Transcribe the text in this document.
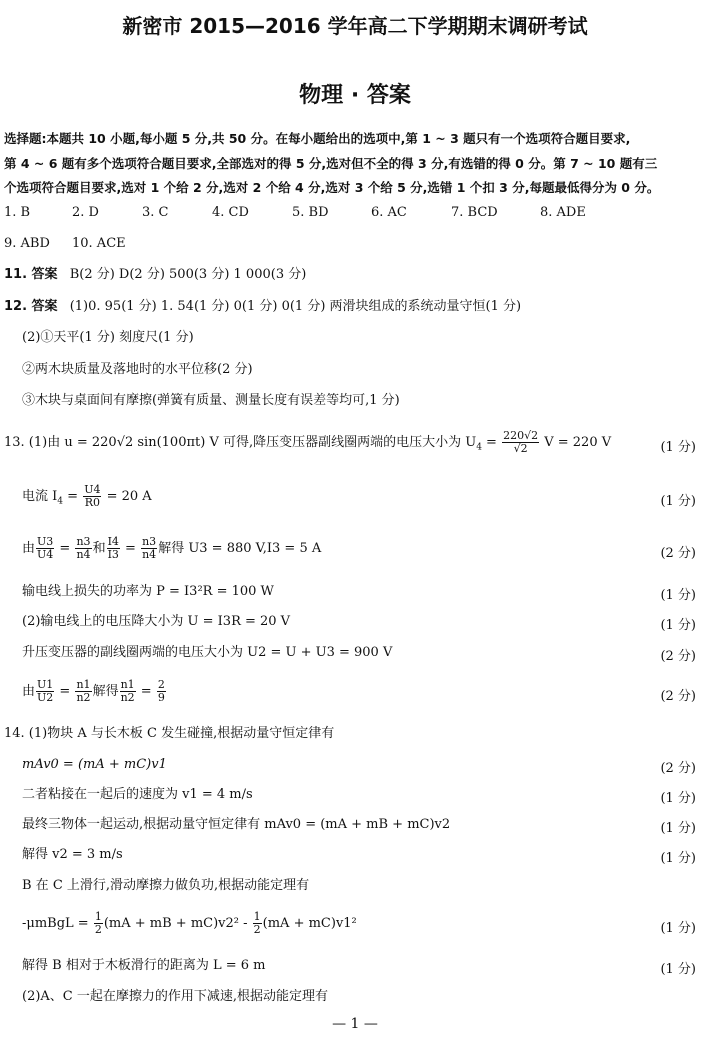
新密市 2015—2016 学年高二下学期期末调研考试
物理 · 答案
选择题:本题共 10 小题,每小题 5 分,共 50 分。在每小题给出的选项中,第 1 ~ 3 题只有一个选项符合题目要求,
第 4 ~ 6 题有多个选项符合题目要求,全部选对的得 5 分,选对但不全的得 3 分,有选错的得 0 分。第 7 ~ 10 题有三
个选项符合题目要求,选对 1 个给 2 分,选对 2 个给 4 分,选对 3 个给 5 分,选错 1 个扣 3 分,每题最低得分为 0 分。
1. B	2. D	3. C	4. CD	5. BD	6. AC	7. BCD	8. ADE
9. ABD 10. ACE
11. 答案 B(2 分) D(2 分) 500(3 分) 1 000(3 分)
12. 答案 (1)0. 95(1 分) 1. 54(1 分) 0(1 分) 0(1 分) 两滑块组成的系统动量守恒(1 分)
(2)①天平(1 分) 刻度尺(1 分)
②两木块质量及落地时的水平位移(2 分)
③木块与桌面间有摩擦(弹簧有质量、测量长度有误差等均可,1 分)
13. (1)由 u = 220√2 sin(100πt) V 可得,降压变压器副线圈两端的电压大小为 $U_4 = \frac{220√2}{√2}$ V = 220 V	(1 分)
电流 $I_4 = \frac{U4}{R0} = 20$ A	(1 分)
由 $\frac{U3}{U4} = \frac{n3}{n4}$ 和 $\frac{I4}{I3} = \frac{n3}{n4}$ 解得 U3 = 880 V,I3 = 5 A	(2 分)
输电线上损失的功率为 P = I3²R = 100 W	(1 分)
(2)输电线上的电压降大小为 U = I3R = 20 V	(1 分)
升压变压器的副线圈两端的电压大小为 U2 = U + U3 = 900 V	(2 分)
由 $\frac{U1}{U2} = \frac{n1}{n2}$ 解得 $\frac{n1}{n2} = \frac{2}{9}$	(2 分)
14. (1)物块 A 与长木板 C 发生碰撞,根据动量守恒定律有
mAv0 = (mA + mC)v1	(2 分)
二者粘接在一起后的速度为 v1 = 4 m/s	(1 分)
最终三物体一起运动,根据动量守恒定律有 mAv0 = (mA + mB + mC)v2	(1 分)
解得 v2 = 3 m/s	(1 分)
B 在 C 上滑行,滑动摩擦力做负功,根据动能定理有
-μmBgL = $\frac{1}{2} (mA$ + mB + $mC)v2^2 - \frac{1}{2} (mA + mC)v1^2$	(1 分)
解得 B 相对于木板滑行的距离为 L = 6 m	(1 分)
(2)A、C 一起在摩擦力的作用下减速,根据动能定理有
— 1 —
